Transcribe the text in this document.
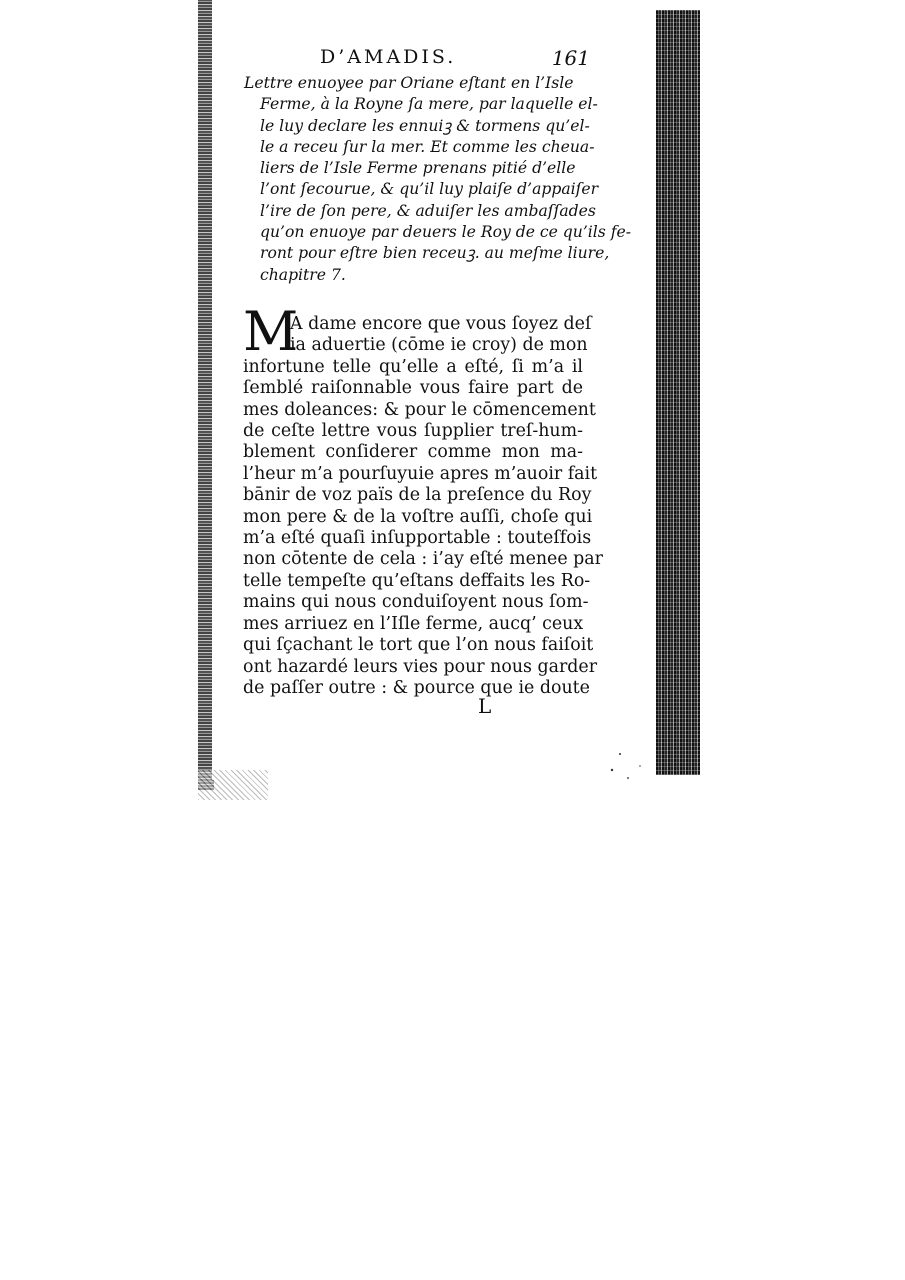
D’AMADIS.	161
Lettre enuoyee par Oriane eſtant en l’Isle
Ferme, à la Royne ſa mere, par laquelle el-
le luy declare les ennuiꝫ & tormens qu’el-
le a receu ſur la mer. Et comme les cheua-
liers de l’Isle Ferme prenans pitié d’elle
l’ont ſecourue, & qu’il luy plaiſe d’appaiſer
l’ire de ſon pere, & aduiſer les ambaſſades
qu’on enuoye par deuers le Roy de ce qu’ils fe-
ront pour eſtre bien receuꝫ. au meſme liure,
chapitre 7.
M
A dame encore que vous ſoyez deſ
ia aduertie (cōme ie croy) de mon
infortune telle qu’elle a eſté, ſi m’a il
ſemblé raiſonnable vous faire part de
mes doleances: & pour le cōmencement
de ceſte lettre vous ſupplier treſ-hum-
blement conſiderer comme mon ma-
l’heur m’a pourſuyuie apres m’auoir fait
bānir de voz païs de la preſence du Roy
mon pere & de la voſtre auſſi, choſe qui
m’a eſté quaſi inſupportable : touteſfois
non cōtente de cela : i’ay eſté menee par
telle tempeſte qu’eſtans deffaits les Ro-
mains qui nous conduiſoyent nous ſom-
mes arriuez en l’Iſle ferme, aucq’ ceux
qui ſçachant le tort que l’on nous faiſoit
ont hazardé leurs vies pour nous garder
de paſſer outre : & pource que ie doute
L
